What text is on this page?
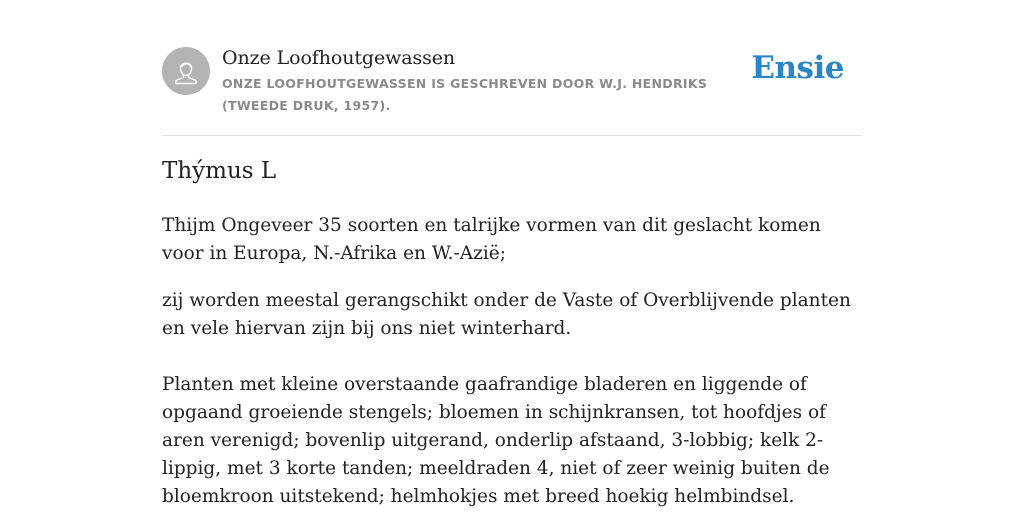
Onze Loofhoutgewassen
ONZE LOOFHOUTGEWASSEN IS GESCHREVEN DOOR W.J. HENDRIKS (TWEEDE DRUK, 1957).
Ensie
Thýmus L

Thijm Ongeveer 35 soorten en talrijke vormen van dit geslacht komen voor in Europa, N.-Afrika en W.-Azië;

zij worden meestal gerangschikt onder de Vaste of Overblijvende planten en vele hiervan zijn bij ons niet winterhard.

Planten met kleine overstaande gaafrandige bladeren en liggende of opgaand groeiende stengels; bloemen in schijnkransen, tot hoofdjes of aren verenigd; bovenlip uitgerand, onderlip afstaand, 3-lobbig; kelk 2-lippig, met 3 korte tanden; meeldraden 4, niet of zeer weinig buiten de bloemkroon uitstekend; helmhokjes met breed hoekig helmbindsel.
